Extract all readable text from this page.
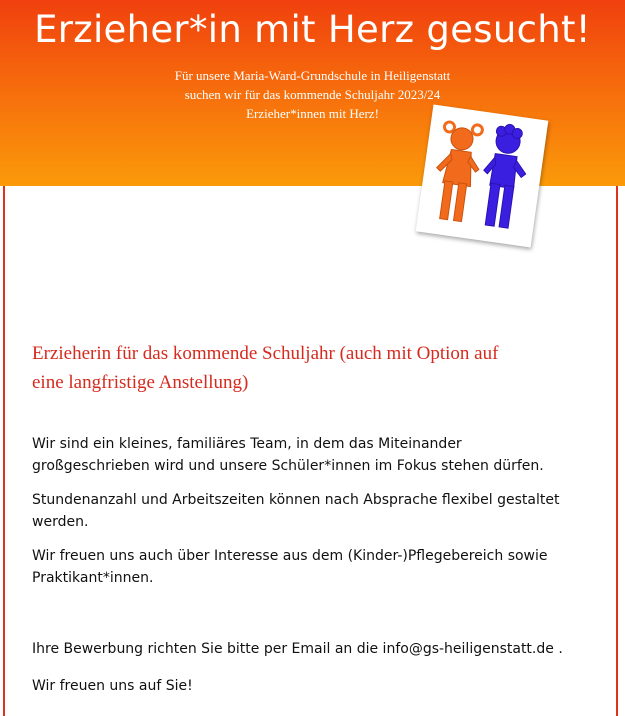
Erzieher*in mit Herz gesucht!
Für unsere Maria-Ward-Grundschule in Heiligenstatt
suchen wir für das kommende Schuljahr 2023/24
Erzieher*innen mit Herz!
Erzieherin für das kommende Schuljahr (auch mit Option auf
eine langfristige Anstellung)
Wir sind ein kleines, familiäres Team, in dem das Miteinander
großgeschrieben wird und unsere Schüler*innen im Fokus stehen dürfen.
Stundenanzahl und Arbeitszeiten können nach Absprache flexibel gestaltet
werden.
Wir freuen uns auch über Interesse aus dem (Kinder-)Pflegebereich sowie
Praktikant*innen.
Ihre Bewerbung richten Sie bitte per Email an die info@gs-heiligenstatt.de .
Wir freuen uns auf Sie!
